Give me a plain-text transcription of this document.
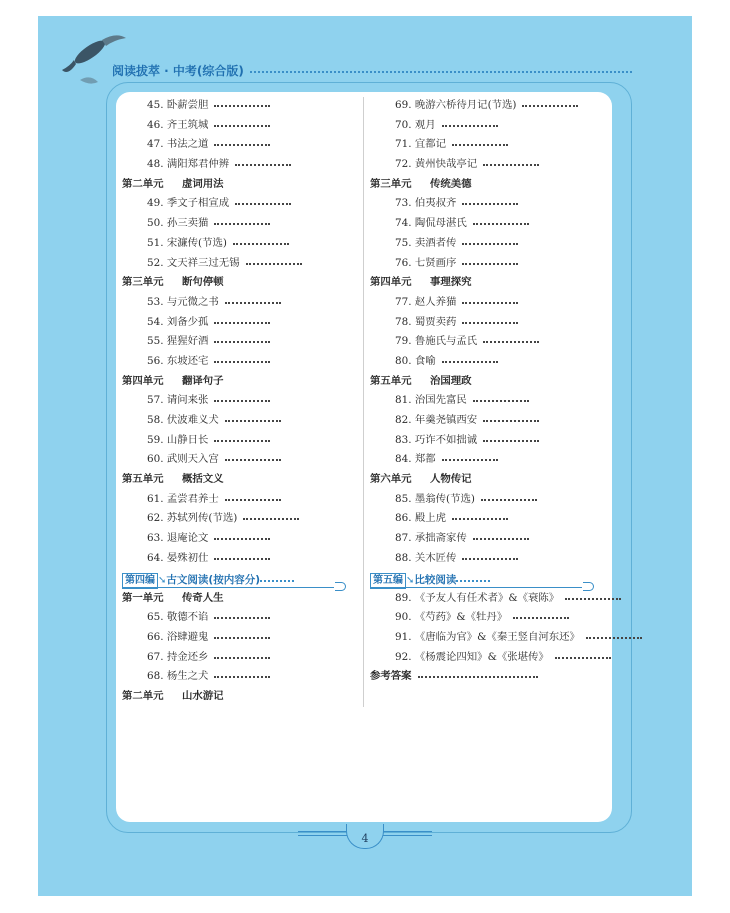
阅读拔萃 · 中考(综合版)
45. 卧薪尝胆
46. 齐王筑城
47. 书法之道
48. 满阳郑君仲辨
第二单元 虚词用法
49. 季文子相宣成
50. 孙三卖猫
51. 宋濂传(节选)
52. 文天祥三过无锡
第三单元 断句停顿
53. 与元微之书
54. 刘备少孤
55. 猩猩好酒
56. 东坡还宅
第四单元 翻译句子
57. 请问来张
58. 伏波难义犬
59. 山静日长
60. 武则天入宫
第五单元 概括文义
61. 孟尝君养士
62. 苏轼列传(节选)
63. 退庵论文
64. 晏殊初仕
第四编 ➘古文阅读(按内容分)
第一单元 传奇人生
65. 敬德不谄
66. 浴肆避鬼
67. 持金还乡
68. 杨生之犬
第二单元 山水游记
69. 晚游六桥待月记(节选)
70. 观月
71. 宜都记
72. 黄州快哉亭记
第三单元 传统美德
73. 伯夷叔齐
74. 陶侃母湛氏
75. 卖酒者传
76. 七贤画序
第四单元 事理探究
77. 赵人养猫
78. 蜀贾卖药
79. 鲁施氏与孟氏
80. 食喻
第五单元 治国理政
81. 治国先富民
82. 年羹尧镇西安
83. 巧诈不如拙诚
84. 郑都
第六单元 人物传记
85. 墨翁传(节选)
86. 殿上虎
87. 承拙斋家传
88. 关木匠传
第五编 ➘比较阅读
89. 《予友人有任术者》&《衰陈》
90. 《芍药》&《牡丹》
91. 《唐临为官》&《秦王竖自河东还》
92. 《杨震论四知》&《张堪传》
参考答案
4
